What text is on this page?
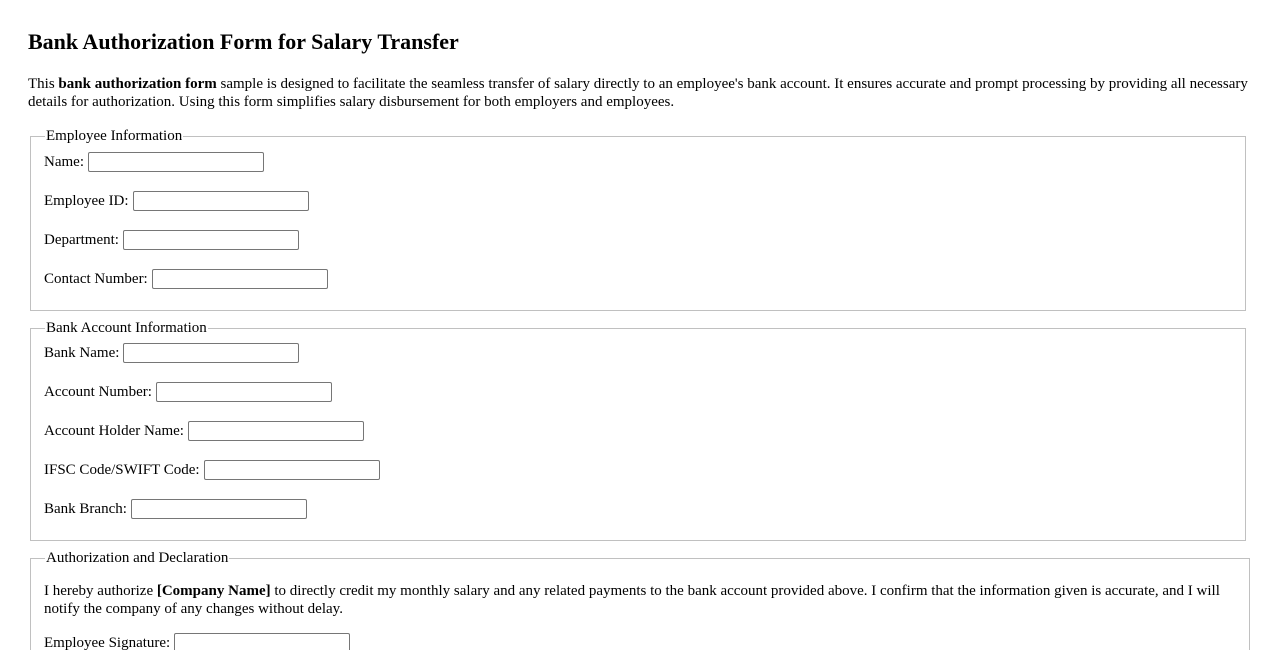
Bank Authorization Form for Salary Transfer

This bank authorization form sample is designed to facilitate the seamless transfer of salary directly to an employee's bank account. It ensures accurate and prompt processing by providing all necessary details for authorization. Using this form simplifies salary disbursement for both employers and employees.

Employee Information
Name:
Employee ID:
Department:
Contact Number:
Bank Account Information
Bank Name:
Account Number:
Account Holder Name:
IFSC Code/SWIFT Code:
Bank Branch:
Authorization and Declaration

I hereby authorize [Company Name] to directly credit my monthly salary and any related payments to the bank account provided above. I confirm that the information given is accurate, and I will notify the company of any changes without delay.

Employee Signature:
